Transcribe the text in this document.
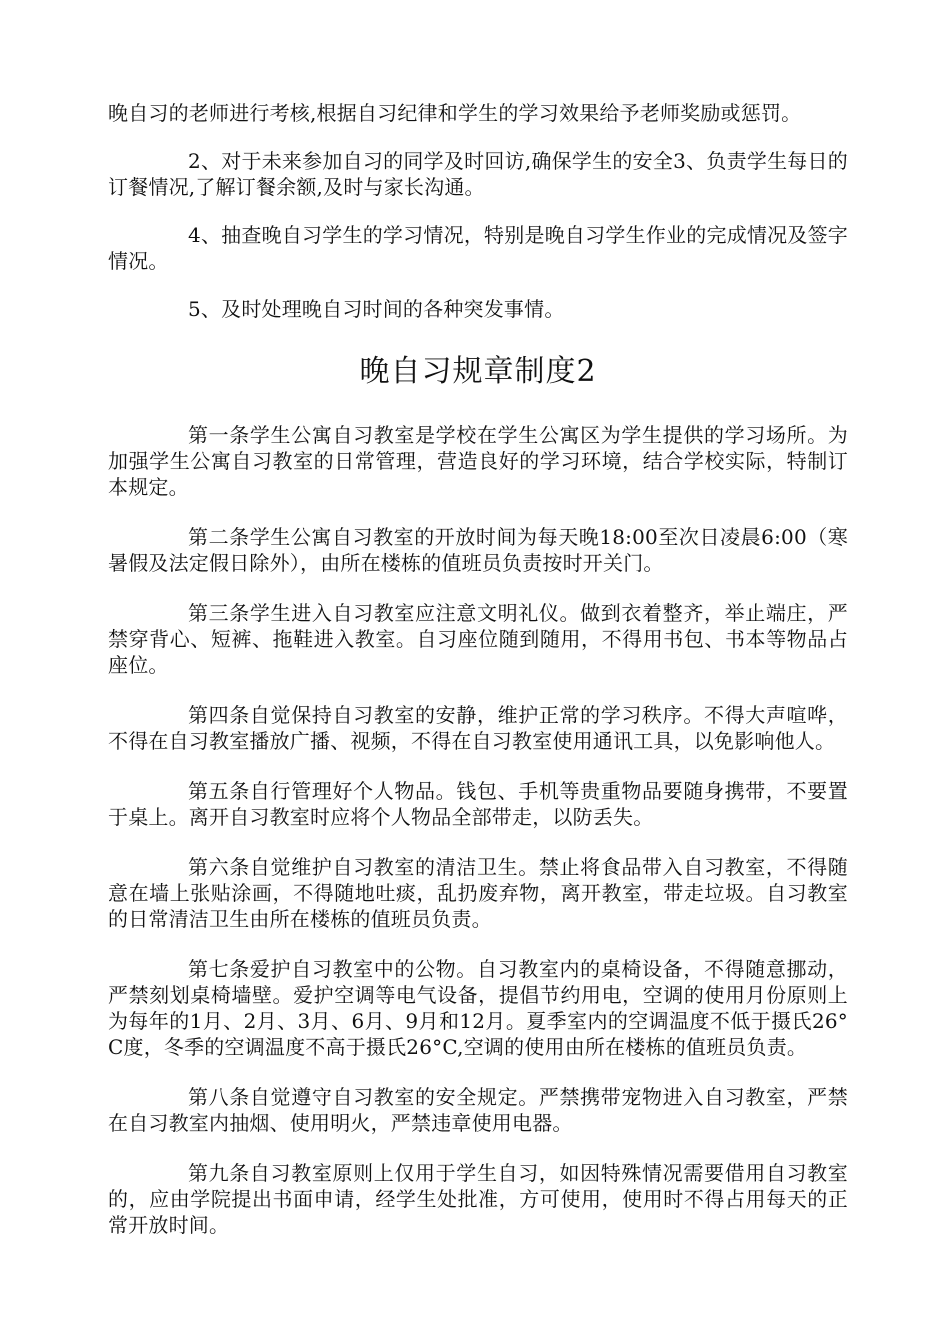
晚自习的老师进行考核,根据自习纪律和学生的学习效果给予老师奖励或惩罚。

2、对于未来参加自习的同学及时回访,确保学生的安全3、负责学生每日的订餐情况,了解订餐余额,及时与家长沟通。

4、抽查晚自习学生的学习情况，特别是晚自习学生作业的完成情况及签字情况。

5、及时处理晚自习时间的各种突发事情。

晚自习规章制度2

第一条学生公寓自习教室是学校在学生公寓区为学生提供的学习场所。为加强学生公寓自习教室的日常管理，营造良好的学习环境，结合学校实际，特制订本规定。

第二条学生公寓自习教室的开放时间为每天晚18:00至次日凌晨6:00（寒暑假及法定假日除外），由所在楼栋的值班员负责按时开关门。

第三条学生进入自习教室应注意文明礼仪。做到衣着整齐，举止端庄，严禁穿背心、短裤、拖鞋进入教室。自习座位随到随用，不得用书包、书本等物品占座位。

第四条自觉保持自习教室的安静，维护正常的学习秩序。不得大声喧哗，不得在自习教室播放广播、视频，不得在自习教室使用通讯工具，以免影响他人。

第五条自行管理好个人物品。钱包、手机等贵重物品要随身携带，不要置于桌上。离开自习教室时应将个人物品全部带走，以防丢失。

第六条自觉维护自习教室的清洁卫生。禁止将食品带入自习教室，不得随意在墙上张贴涂画，不得随地吐痰，乱扔废弃物，离开教室，带走垃圾。自习教室的日常清洁卫生由所在楼栋的值班员负责。

第七条爱护自习教室中的公物。自习教室内的桌椅设备，不得随意挪动，严禁刻划桌椅墙壁。爱护空调等电气设备，提倡节约用电，空调的使用月份原则上为每年的1月、2月、3月、6月、9月和12月。夏季室内的空调温度不低于摄氏26°C度，冬季的空调温度不高于摄氏26°C,空调的使用由所在楼栋的值班员负责。

第八条自觉遵守自习教室的安全规定。严禁携带宠物进入自习教室，严禁在自习教室内抽烟、使用明火，严禁违章使用电器。

第九条自习教室原则上仅用于学生自习，如因特殊情况需要借用自习教室的，应由学院提出书面申请，经学生处批准，方可使用，使用时不得占用每天的正常开放时间。
